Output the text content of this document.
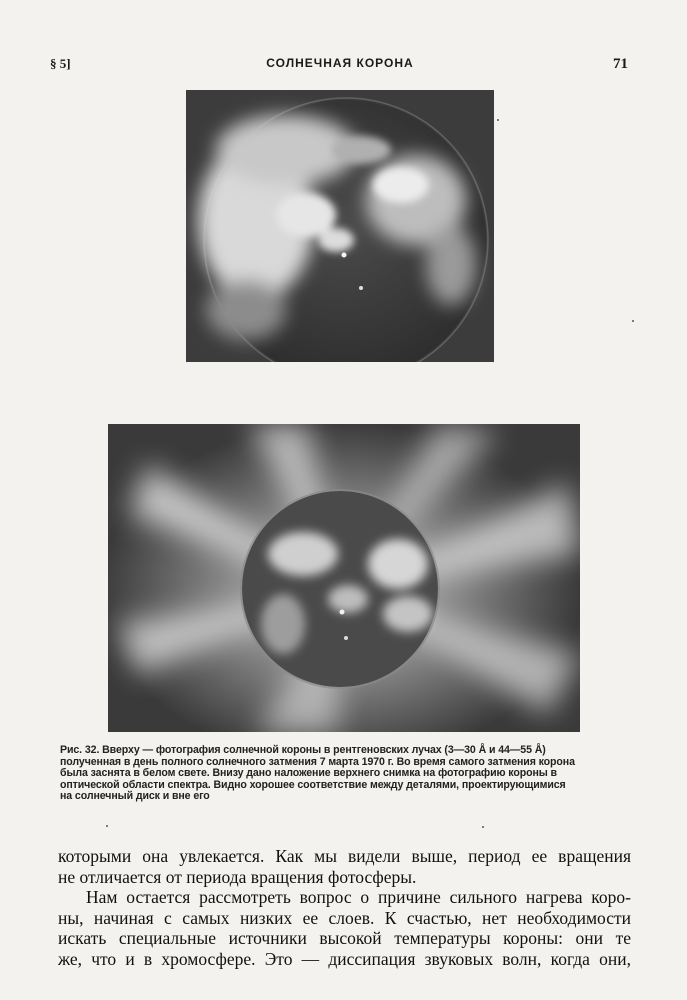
§ 5]	СОЛНЕЧНАЯ КОРОНА	71
Рис. 32. Вверху — фотография солнечной короны в рентгеновских лучах (3—30 Å и 44—55 Å)
полученная в день полного солнечного затмения 7 марта 1970 г. Во время самого затмения корона
была заснята в белом свете. Внизу дано наложение верхнего снимка на фотографию короны в
оптической области спектра. Видно хорошее соответствие между деталями, проектирующимися
на солнечный диск и вне его
которыми она увлекается. Как мы видели выше, период ее вращения
не отличается от периода вращения фотосферы.
Нам остается рассмотреть вопрос о причине сильного нагрева коро-
ны, начиная с самых низких ее слоев. К счастью, нет необходимости
искать специальные источники высокой температуры короны: они те
же, что и в хромосфере. Это — диссипация звуковых волн, когда они,
